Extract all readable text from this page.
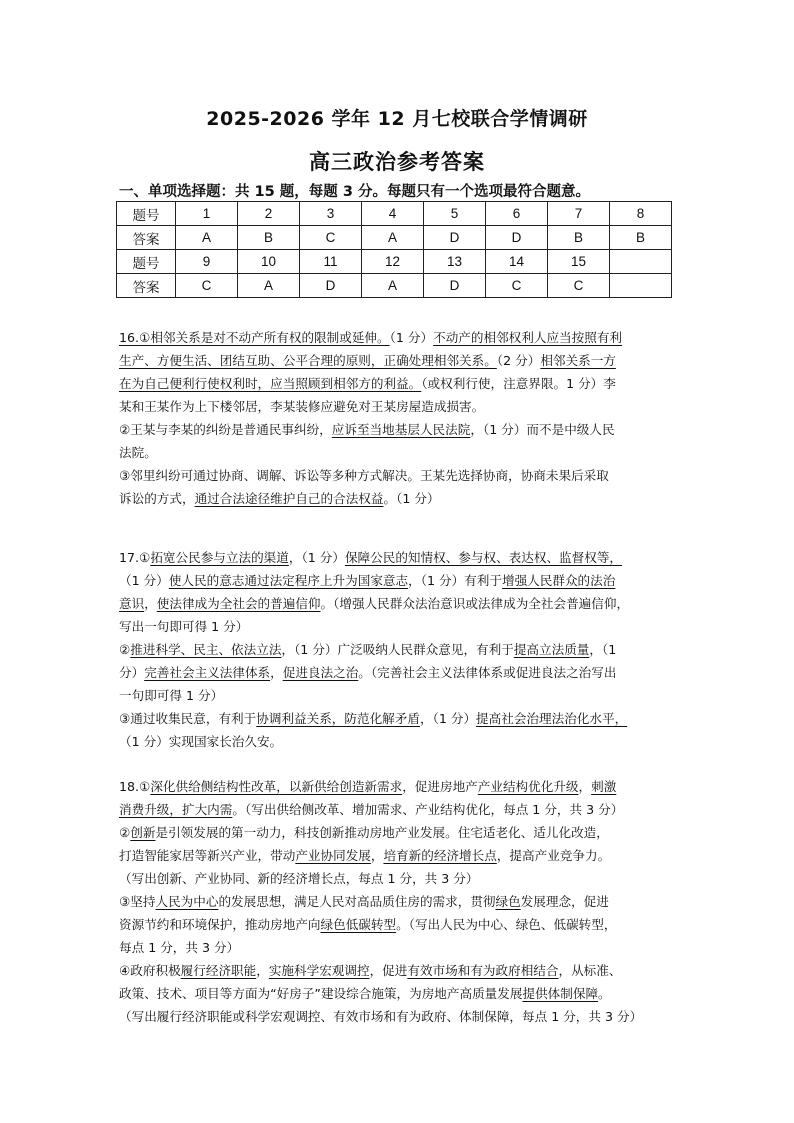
2025-2026 学年 12 月七校联合学情调研
高三政治参考答案
一、单项选择题：共 15 题，每题 3 分。每题只有一个选项最符合题意。
题号	1	2	3	4	5	6	7	8
答案	A	B	C	A	D	D	B	B
题号	9	10	11	12	13	14	15	
答案	C	A	D	A	D	C	C	
16.①相邻关系是对不动产所有权的限制或延伸。（1 分）不动产的相邻权利人应当按照有利
生产、方便生活、团结互助、公平合理的原则，正确处理相邻关系。（2 分）相邻关系一方
在为自己便利行使权利时，应当照顾到相邻方的利益。（或权利行使，注意界限。1 分）李
某和王某作为上下楼邻居，李某装修应避免对王某房屋造成损害。
②王某与李某的纠纷是普通民事纠纷，应诉至当地基层人民法院，（1 分）而不是中级人民
法院。
③邻里纠纷可通过协商、调解、诉讼等多种方式解决。王某先选择协商，协商未果后采取
诉讼的方式，通过合法途径维护自己的合法权益。（1 分）
17.①拓宽公民参与立法的渠道，（1 分）保障公民的知情权、参与权、表达权、监督权等，
（1 分）使人民的意志通过法定程序上升为国家意志，（1 分）有利于增强人民群众的法治
意识，使法律成为全社会的普遍信仰。（增强人民群众法治意识或法律成为全社会普遍信仰，
写出一句即可得 1 分）
②推进科学、民主、依法立法，（1 分）广泛吸纳人民群众意见，有利于提高立法质量，（1
分）完善社会主义法律体系，促进良法之治。（完善社会主义法律体系或促进良法之治写出
一句即可得 1 分）
③通过收集民意，有利于协调利益关系，防范化解矛盾，（1 分）提高社会治理法治化水平，
（1 分）实现国家长治久安。
18.①深化供给侧结构性改革，以新供给创造新需求，促进房地产产业结构优化升级，刺激
消费升级，扩大内需。（写出供给侧改革、增加需求、产业结构优化，每点 1 分，共 3 分）
②创新是引领发展的第一动力，科技创新推动房地产业发展。住宅适老化、适儿化改造，
打造智能家居等新兴产业，带动产业协同发展，培育新的经济增长点，提高产业竞争力。
（写出创新、产业协同、新的经济增长点，每点 1 分，共 3 分）
③坚持人民为中心的发展思想，满足人民对高品质住房的需求，贯彻绿色发展理念，促进
资源节约和环境保护，推动房地产向绿色低碳转型。（写出人民为中心、绿色、低碳转型，
每点 1 分，共 3 分）
④政府积极履行经济职能，实施科学宏观调控，促进有效市场和有为政府相结合，从标准、
政策、技术、项目等方面为“好房子”建设综合施策，为房地产高质量发展提供体制保障。
（写出履行经济职能或科学宏观调控、有效市场和有为政府、体制保障，每点 1 分，共 3 分）
